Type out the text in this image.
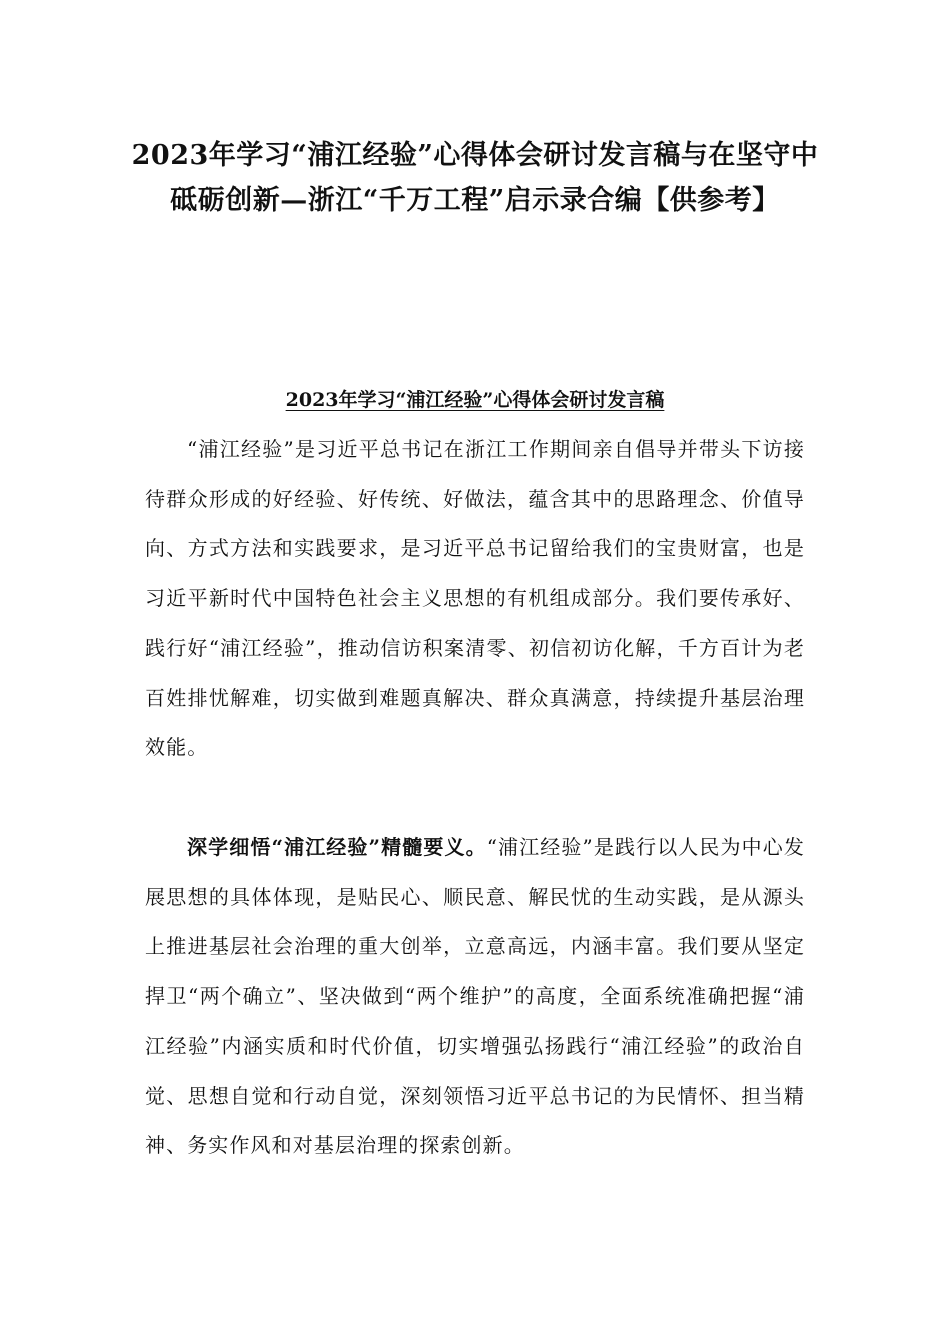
2023年学习“浦江经验”心得体会研讨发言稿与在坚守中砥砺创新—浙江“千万工程”启示录合编【供参考】
2023年学习“浦江经验”心得体会研讨发言稿

“浦江经验”是习近平总书记在浙江工作期间亲自倡导并带头下访接待群众形成的好经验、好传统、好做法，蕴含其中的思路理念、价值导向、方式方法和实践要求，是习近平总书记留给我们的宝贵财富，也是习近平新时代中国特色社会主义思想的有机组成部分。我们要传承好、践行好“浦江经验”，推动信访积案清零、初信初访化解，千方百计为老百姓排忧解难，切实做到难题真解决、群众真满意，持续提升基层治理效能。

深学细悟“浦江经验”精髓要义。“浦江经验”是践行以人民为中心发展思想的具体体现，是贴民心、顺民意、解民忧的生动实践，是从源头上推进基层社会治理的重大创举，立意高远，内涵丰富。我们要从坚定捍卫“两个确立”、坚决做到“两个维护”的高度，全面系统准确把握“浦江经验”内涵实质和时代价值，切实增强弘扬践行“浦江经验”的政治自觉、思想自觉和行动自觉，深刻领悟习近平总书记的为民情怀、担当精神、务实作风和对基层治理的探索创新。
